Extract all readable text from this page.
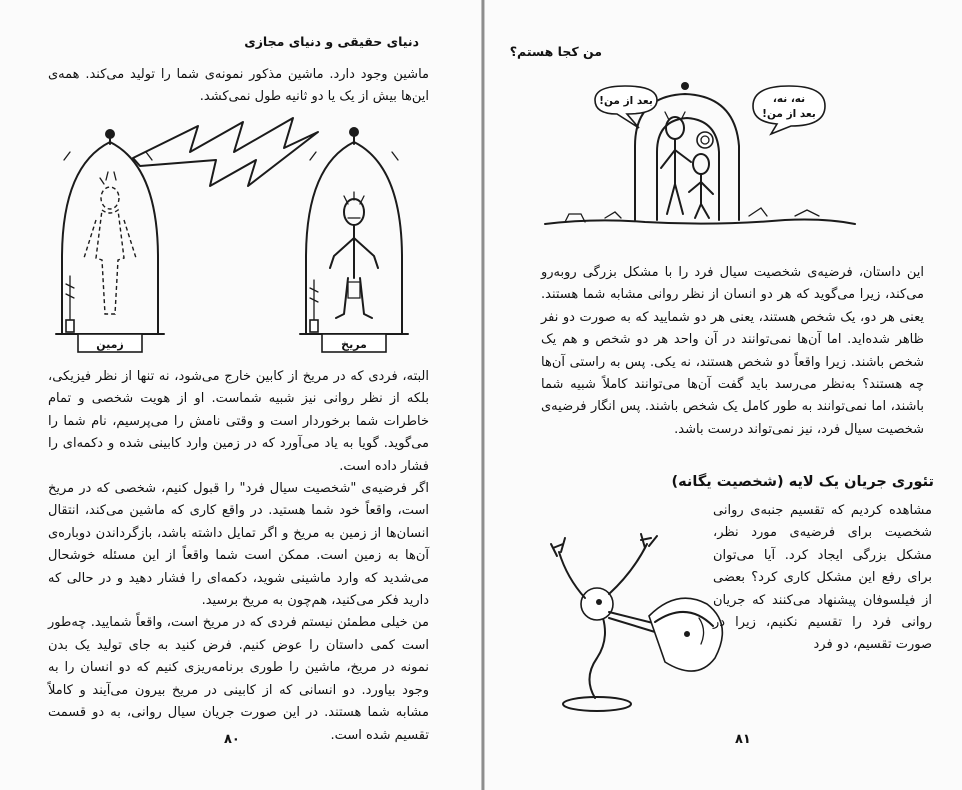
دنیای حقیقی و دنیای مجازی

ماشین وجود دارد. ماشین مذکور نمونه‌ی شما را تولید می‌کند. همه‌ی این‌ها بیش از یک یا دو ثانیه طول نمی‌کشد.

زمین	مریخ

البته، فردی که در مریخ از کابین خارج می‌شود، نه تنها از نظر فیزیکی، بلکه از نظر روانی نیز شبیه شماست. او از هویت شخصی و تمام خاطرات شما برخوردار است و وقتی نامش را می‌پرسیم، نام شما را می‌گوید. گویا به یاد می‌آورد که در زمین وارد کابینی شده و دکمه‌ای را فشار داده است.

اگر فرضیه‌ی "شخصیت سیال فرد" را قبول کنیم، شخصی که در مریخ است، واقعاً خود شما هستید. در واقع کاری که ماشین می‌کند، انتقال انسان‌ها از زمین به مریخ و اگر تمایل داشته باشد، بازگرداندن دوباره‌ی آن‌ها به زمین است. ممکن است شما واقعاً از این مسئله خوشحال می‌شدید که وارد ماشینی شوید، دکمه‌ای را فشار دهید و در حالی که دارید فکر می‌کنید، هم‌چون به مریخ برسید.

من خیلی مطمئن نیستم فردی که در مریخ است، واقعاً شمایید. چه‌طور است کمی داستان را عوض کنیم. فرض کنید به جای تولید یک بدن نمونه در مریخ، ماشین را طوری برنامه‌ریزی کنیم که دو انسان را به وجود بیاورد. دو انسانی که از کابینی در مریخ بیرون می‌آیند و کاملاً مشابه شما هستند. در این صورت جریان سیال روانی، به دو قسمت تقسیم شده است.

۸۰
من کجا هستم؟
بعد از من!	نه، نه،
بعد از من!

این داستان، فرضیه‌ی شخصیت سیال فرد را با مشکل بزرگی روبه‌رو می‌کند، زیرا می‌گوید که هر دو انسان از نظر روانی مشابه شما هستند. یعنی هر دو، یک شخص هستند، یعنی هر دو شمایید که به صورت دو نفر ظاهر شده‌اید. اما آن‌ها نمی‌توانند در آن واحد هر دو شخص و هم یک شخص باشند. زیرا واقعاً دو شخص هستند، نه یکی. پس به راستی آن‌ها چه هستند؟ به‌نظر می‌رسد باید گفت آن‌ها می‌توانند کاملاً شبیه شما باشند، اما نمی‌توانند به طور کامل یک شخص باشند. پس انگار فرضیه‌ی شخصیت سیال فرد، نیز نمی‌تواند درست باشد.

تئوری جریان یک لایه (شخصیت یگانه)

مشاهده کردیم که تقسیم جنبه‌ی روانی شخصیت برای فرضیه‌ی مورد نظر، مشکل بزرگی ایجاد کرد. آیا می‌توان برای رفع این مشکل کاری کرد؟ بعضی از فیلسوفان پیشنهاد می‌کنند که جریان روانی فرد را تقسیم نکنیم، زیرا در صورت تقسیم، دو فرد

۸۱
